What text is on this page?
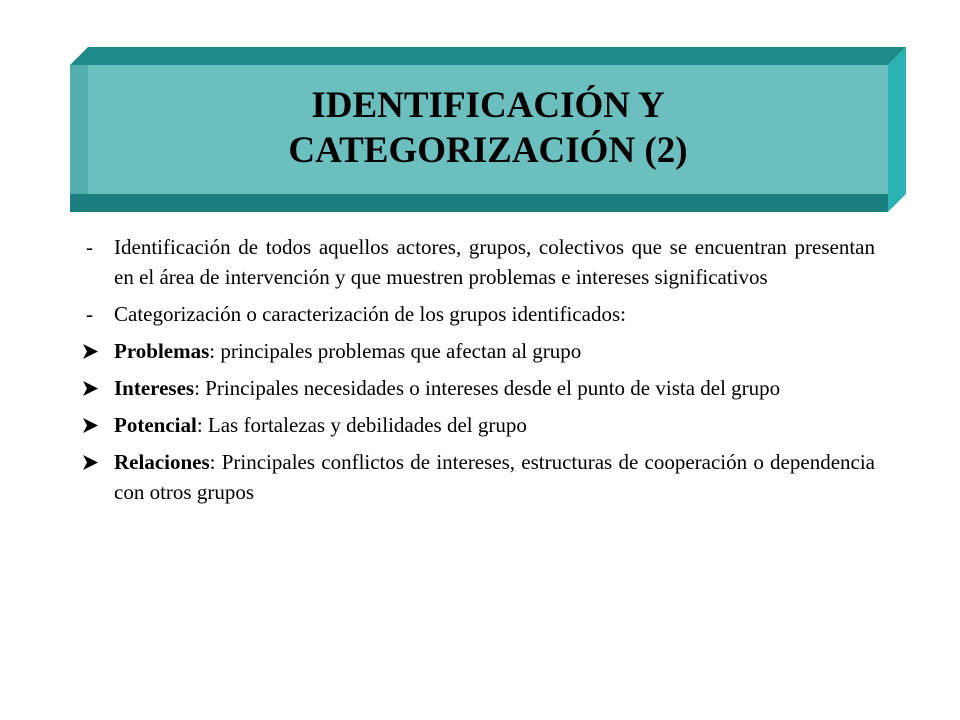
IDENTIFICACIÓN Y
CATEGORIZACIÓN (2)
-	Identificación de todos aquellos actores, grupos, colectivos que se encuentran presentan en el área de intervención y que muestren problemas e intereses significativos
-	Categorización o caracterización de los grupos identificados:
Problemas: principales problemas que afectan al grupo
Intereses: Principales necesidades o intereses desde el punto de vista del grupo
Potencial: Las fortalezas y debilidades del grupo
Relaciones: Principales conflictos de intereses, estructuras de cooperación o dependencia con otros grupos
